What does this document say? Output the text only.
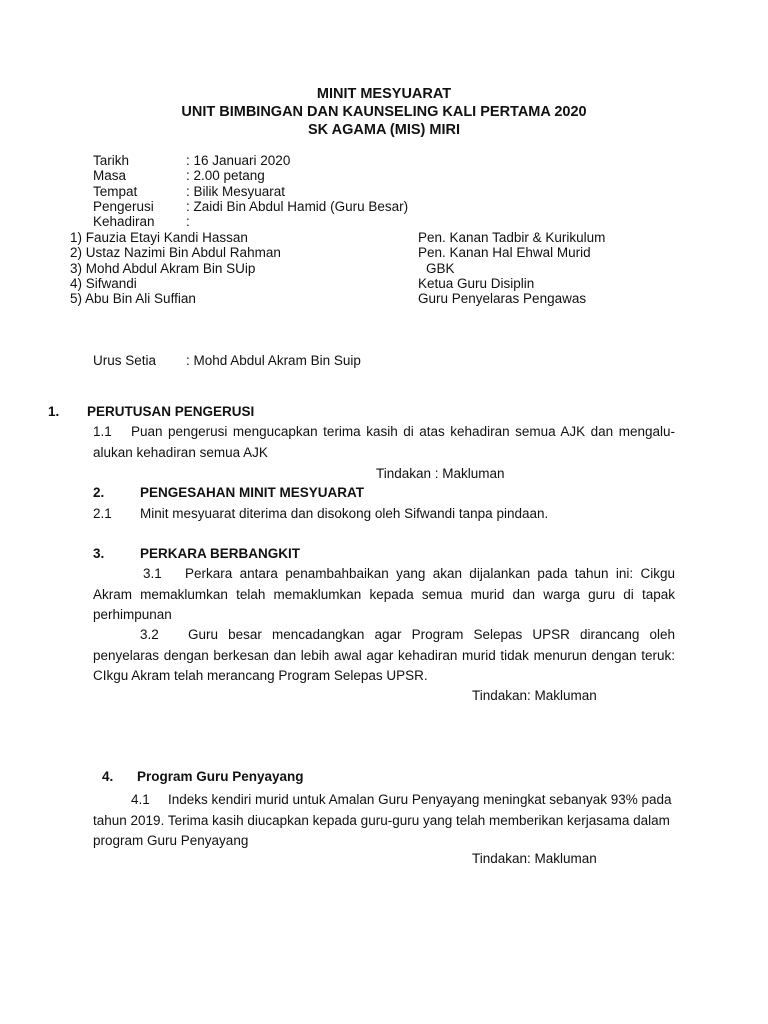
MINIT MESYUARAT
UNIT BIMBINGAN DAN KAUNSELING KALI PERTAMA 2020
SK AGAMA (MIS) MIRI
Tarikh	: 16 Januari 2020
Masa	: 2.00 petang
Tempat	: Bilik Mesyuarat
Pengerusi : Zaidi Bin Abdul Hamid (Guru Besar)
Kehadiran :
1) Fauzia Etayi Kandi Hassan	Pen. Kanan Tadbir & Kurikulum
2) Ustaz Nazimi Bin Abdul Rahman	Pen. Kanan Hal Ehwal Murid
3) Mohd Abdul Akram Bin SUip	GBK
4) Sifwandi	Ketua Guru Disiplin
5) Abu Bin Ali Suffian	Guru Penyelaras Pengawas
Urus Setia : Mohd Abdul Akram Bin Suip
1. PERUTUSAN PENGERUSI
1.1 Puan pengerusi mengucapkan terima kasih di atas kehadiran semua AJK dan mengalu-alukan kehadiran semua AJK
Tindakan : Makluman
2.	PENGESAHAN MINIT MESYUARAT
2.1 Minit mesyuarat diterima dan disokong oleh Sifwandi tanpa pindaan.
3.	PERKARA BERBANGKIT
3.1 Perkara antara penambahbaikan yang akan dijalankan pada tahun ini: Cikgu Akram memaklumkan telah memaklumkan kepada semua murid dan warga guru di tapak perhimpunan
3.2 Guru besar mencadangkan agar Program Selepas UPSR dirancang oleh penyelaras dengan berkesan dan lebih awal agar kehadiran murid tidak menurun dengan teruk: CIkgu Akram telah merancang Program Selepas UPSR.
Tindakan: Makluman
4. Program Guru Penyayang
4.1 Indeks kendiri murid untuk Amalan Guru Penyayang meningkat sebanyak 93% pada tahun 2019. Terima kasih diucapkan kepada guru-guru yang telah memberikan kerjasama dalam program Guru Penyayang
Tindakan: Makluman
